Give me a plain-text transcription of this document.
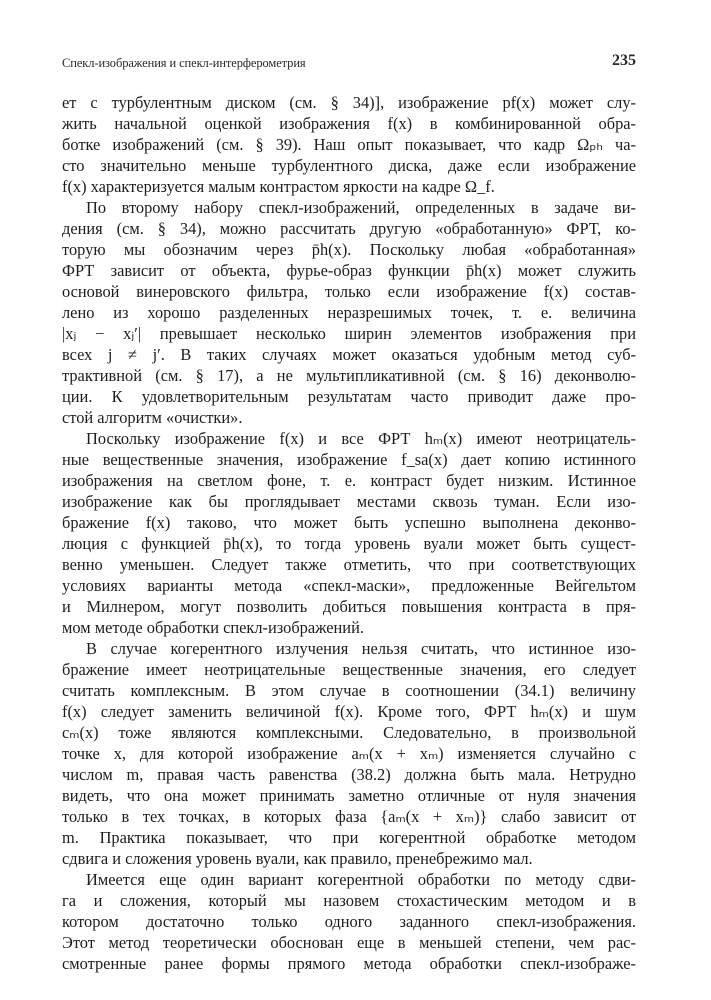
Спекл-изображения и спекл-интерферометрия	235
ет с турбулентным диском (см. § 34)], изображение pf(x) может слу-
жить начальной оценкой изображения f(x) в комбинированной обра-
ботке изображений (см. § 39). Наш опыт показывает, что кадр Ωₚₕ ча-
сто значительно меньше турбулентного диска, даже если изображение
f(x) характеризуется малым контрастом яркости на кадре Ω_f.
По второму набору спекл-изображений, определенных в задаче ви-
дения (см. § 34), можно рассчитать другую «обработанную» ФРТ, ко-
торую мы обозначим через p̄h(x). Поскольку любая «обработанная»
ФРТ зависит от объекта, фурье-образ функции p̄h(x) может служить
основой винеровского фильтра, только если изображение f(x) состав-
лено из хорошо разделенных неразрешимых точек, т. е. величина
|xⱼ − xⱼ′| превышает несколько ширин элементов изображения при
всех j ≠ j′. В таких случаях может оказаться удобным метод суб-
трактивной (см. § 17), а не мультипликативной (см. § 16) деконволю-
ции. К удовлетворительным результатам часто приводит даже про-
стой алгоритм «очистки».
Поскольку изображение f(x) и все ФРТ hₘ(x) имеют неотрицатель-
ные вещественные значения, изображение f_sa(x) дает копию истинного
изображения на светлом фоне, т. е. контраст будет низким. Истинное
изображение как бы проглядывает местами сквозь туман. Если изо-
бражение f(x) таково, что может быть успешно выполнена деконво-
люция с функцией p̄h(x), то тогда уровень вуали может быть сущест-
венно уменьшен. Следует также отметить, что при соответствующих
условиях варианты метода «спекл-маски», предложенные Вейгельтом
и Милнером, могут позволить добиться повышения контраста в пря-
мом методе обработки спекл-изображений.
В случае когерентного излучения нельзя считать, что истинное изо-
бражение имеет неотрицательные вещественные значения, его следует
считать комплексным. В этом случае в соотношении (34.1) величину
f(x) следует заменить величиной f(x). Кроме того, ФРТ hₘ(x) и шум
cₘ(x) тоже являются комплексными. Следовательно, в произвольной
точке x, для которой изображение aₘ(x + xₘ) изменяется случайно с
числом m, правая часть равенства (38.2) должна быть мала. Нетрудно
видеть, что она может принимать заметно отличные от нуля значения
только в тех точках, в которых фаза {aₘ(x + xₘ)} слабо зависит от
m. Практика показывает, что при когерентной обработке методом
сдвига и сложения уровень вуали, как правило, пренебрежимо мал.
Имеется еще один вариант когерентной обработки по методу сдви-
га и сложения, который мы назовем стохастическим методом и в
котором достаточно только одного заданного спекл-изображения.
Этот метод теоретически обоснован еще в меньшей степени, чем рас-
смотренные ранее формы прямого метода обработки спекл-изображе-
